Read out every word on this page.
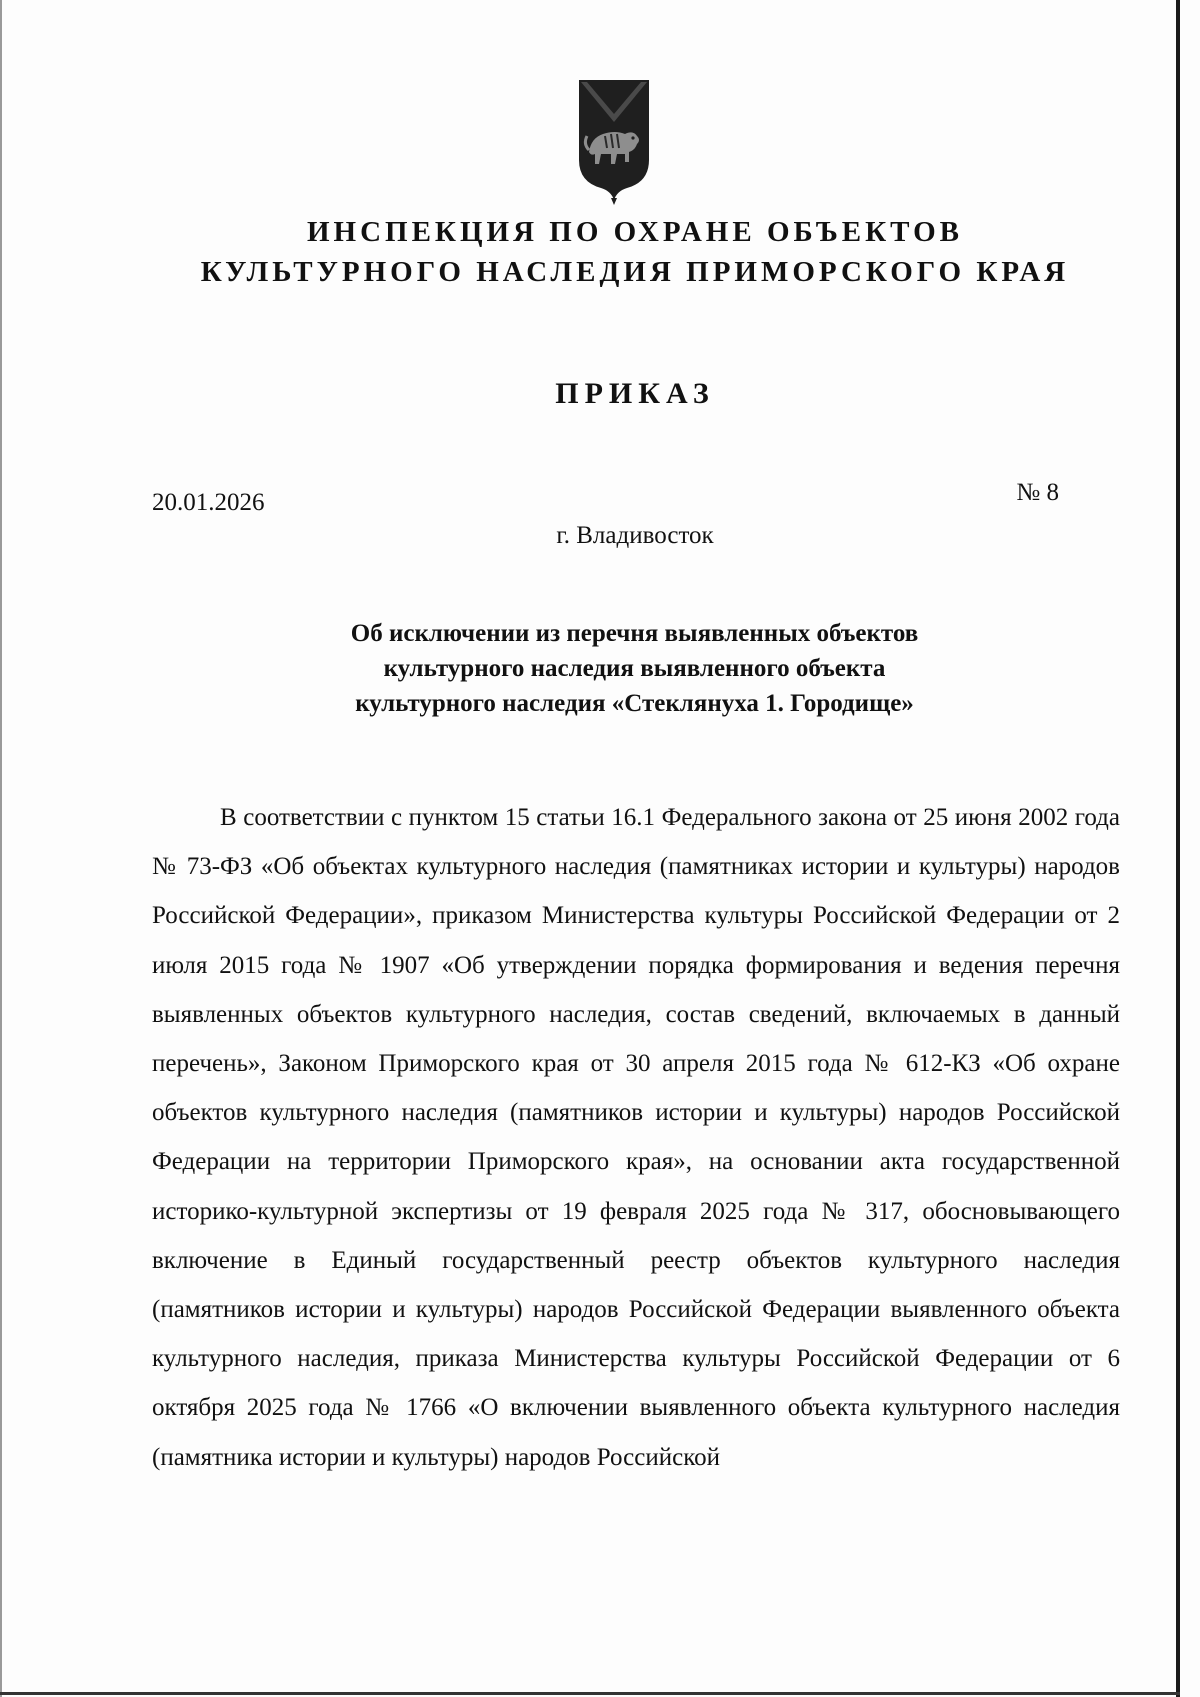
ИНСПЕКЦИЯ ПО ОХРАНЕ ОБЪЕКТОВ
КУЛЬТУРНОГО НАСЛЕДИЯ ПРИМОРСКОГО КРАЯ
ПРИКАЗ
20.01.2026	№ 8
г. Владивосток
Об исключении из перечня выявленных объектов
культурного наследия выявленного объекта
культурного наследия «Стеклянуха 1. Городище»

В соответствии с пунктом 15 статьи 16.1 Федерального закона от 25 июня 2002 года № 73-ФЗ «Об объектах культурного наследия (памятниках истории и культуры) народов Российской Федерации», приказом Министерства культуры Российской Федерации от 2 июля 2015 года № 1907 «Об утверждении порядка формирования и ведения перечня выявленных объектов культурного наследия, состав сведений, включаемых в данный перечень», Законом Приморского края от 30 апреля 2015 года № 612-КЗ «Об охране объектов культурного наследия (памятников истории и культуры) народов Российской Федерации на территории Приморского края», на основании акта государственной историко-культурной экспертизы от 19 февраля 2025 года № 317, обосновывающего включение в Единый государственный реестр объектов культурного наследия (памятников истории и культуры) народов Российской Федерации выявленного объекта культурного наследия, приказа Министерства культуры Российской Федерации от 6 октября 2025 года № 1766 «О включении выявленного объекта культурного наследия (памятника истории и культуры) народов Российской
